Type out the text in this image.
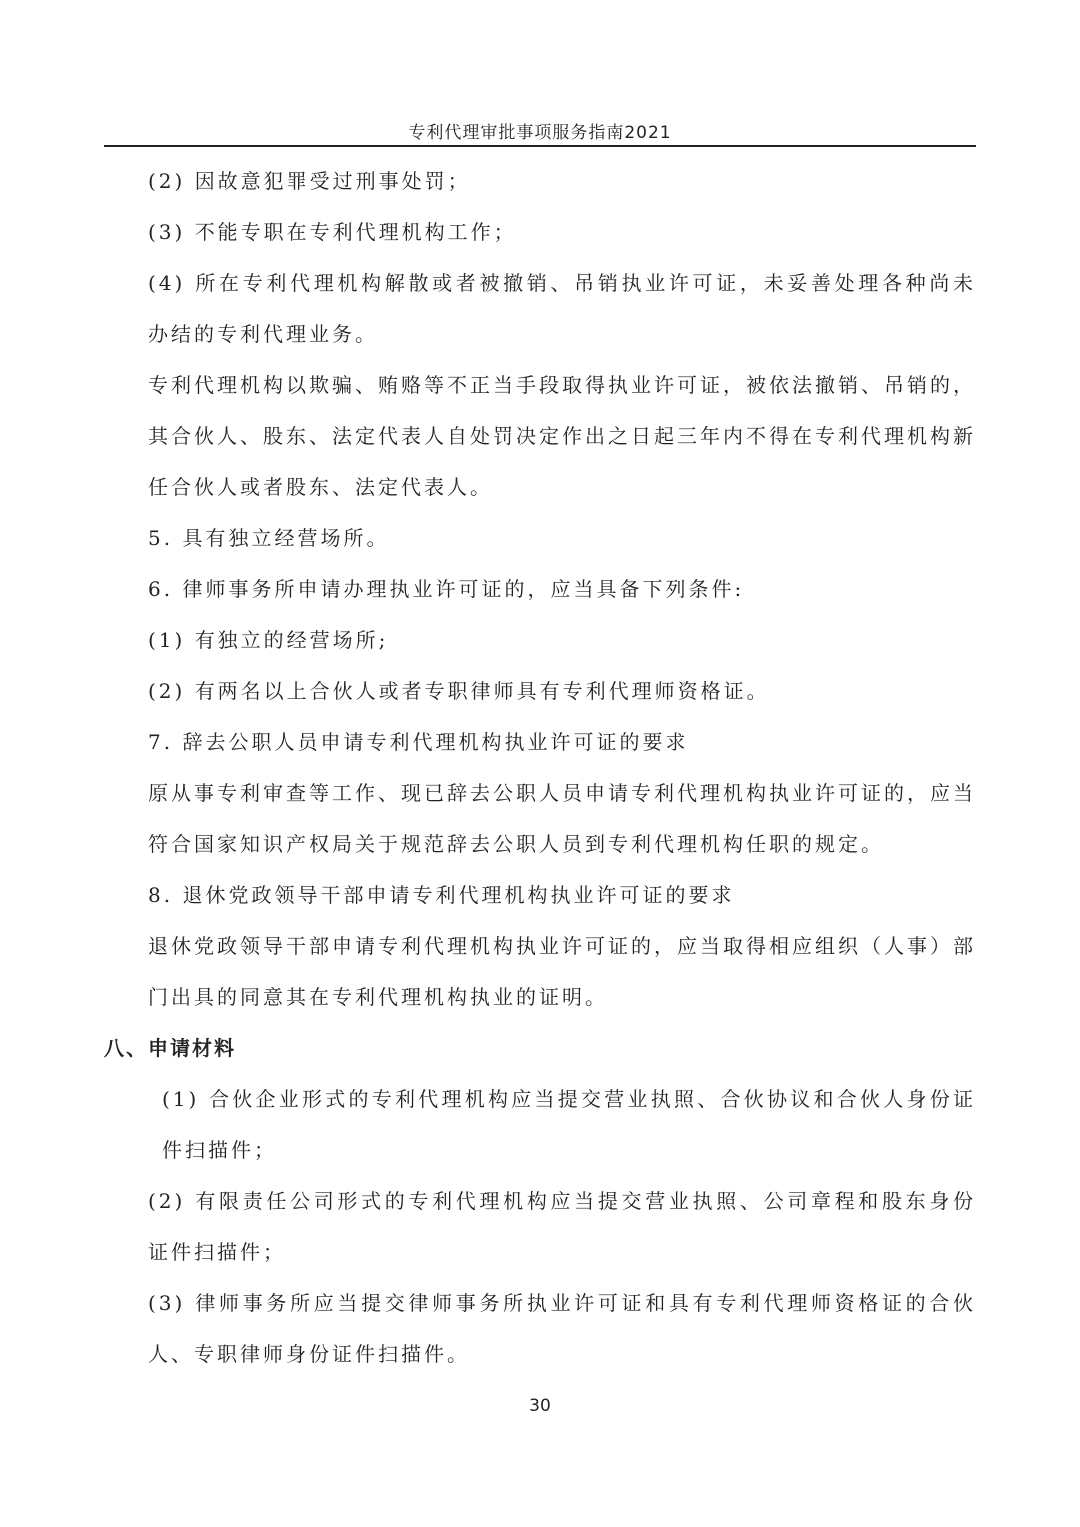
专利代理审批事项服务指南2021

(2) 因故意犯罪受过刑事处罚；

(3) 不能专职在专利代理机构工作；

(4) 所在专利代理机构解散或者被撤销、吊销执业许可证，未妥善处理各种尚未办结的专利代理业务。

专利代理机构以欺骗、贿赂等不正当手段取得执业许可证，被依法撤销、吊销的，其合伙人、股东、法定代表人自处罚决定作出之日起三年内不得在专利代理机构新任合伙人或者股东、法定代表人。

5. 具有独立经营场所。

6. 律师事务所申请办理执业许可证的，应当具备下列条件:

(1) 有独立的经营场所;

(2) 有两名以上合伙人或者专职律师具有专利代理师资格证。

7. 辞去公职人员申请专利代理机构执业许可证的要求

原从事专利审查等工作、现已辞去公职人员申请专利代理机构执业许可证的，应当符合国家知识产权局关于规范辞去公职人员到专利代理机构任职的规定。

8. 退休党政领导干部申请专利代理机构执业许可证的要求

退休党政领导干部申请专利代理机构执业许可证的，应当取得相应组织（人事）部门出具的同意其在专利代理机构执业的证明。

八、申请材料

(1) 合伙企业形式的专利代理机构应当提交营业执照、合伙协议和合伙人身份证件扫描件；

(2) 有限责任公司形式的专利代理机构应当提交营业执照、公司章程和股东身份证件扫描件；

(3) 律师事务所应当提交律师事务所执业许可证和具有专利代理师资格证的合伙人、专职律师身份证件扫描件。

30
